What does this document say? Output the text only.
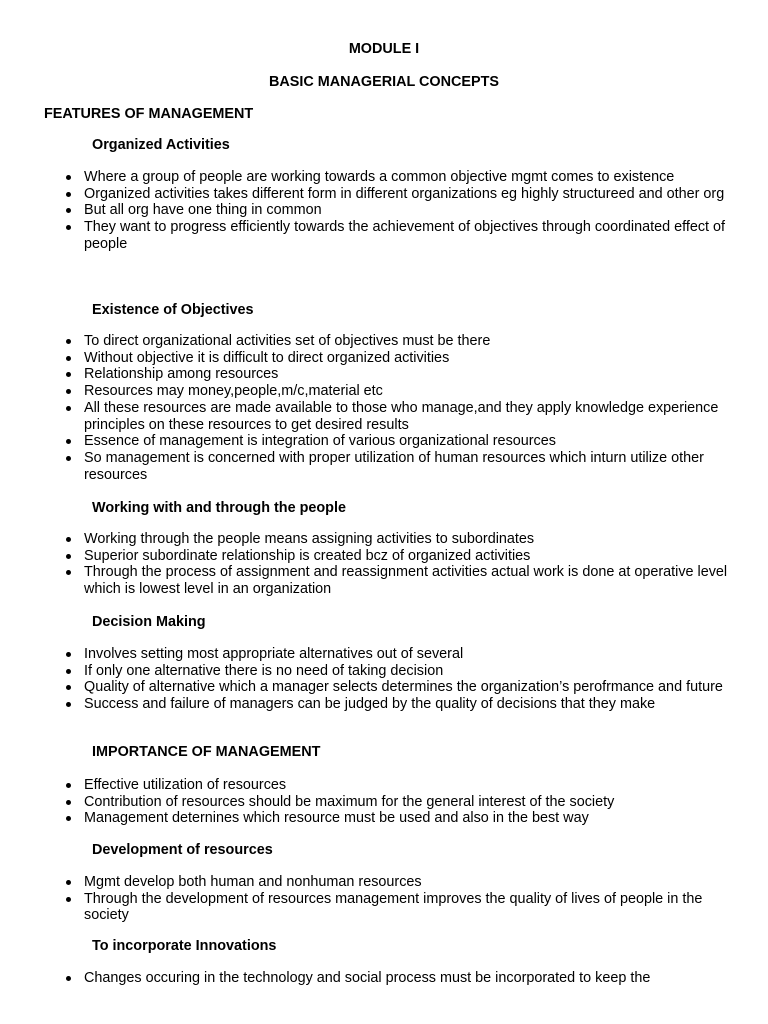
MODULE I
BASIC MANAGERIAL CONCEPTS
FEATURES OF MANAGEMENT
Organized Activities
Where a group of people are working towards a common objective mgmt comes to existence
Organized activities takes different form in different organizations eg highly structureed and other org
But all org have one thing in common
They want to progress efficiently towards the achievement of objectives through coordinated effect of people
Existence of Objectives
To direct organizational activities set of objectives must be there
Without objective it is difficult to direct organized activities
Relationship among resources
Resources may money,people,m/c,material etc
All these resources are made available to those who manage,and they apply knowledge experience principles on these resources to get desired results
Essence of management is integration of various organizational resources
So management is concerned with proper utilization of human resources which inturn utilize other resources
Working with and through the people
Working through the people means assigning activities to subordinates
Superior subordinate relationship is created bcz of organized activities
Through the process of assignment and reassignment activities actual work is done at operative level which is lowest level in an organization
Decision Making
Involves setting most appropriate alternatives out of several
If only one alternative there is no need of taking decision
Quality of alternative which a manager selects determines the organization’s perofrmance and future
Success and failure of managers can be judged by the quality of decisions that they make
IMPORTANCE OF MANAGEMENT
Effective utilization of resources
Contribution of resources should be maximum for the general interest of the society
Management deternines which resource must be used and also in the best way
Development of resources
Mgmt develop both human and nonhuman resources
Through the development of resources management improves the quality of lives of people in the society
To incorporate Innovations
Changes occuring in the technology and social process must be incorporated to keep the
